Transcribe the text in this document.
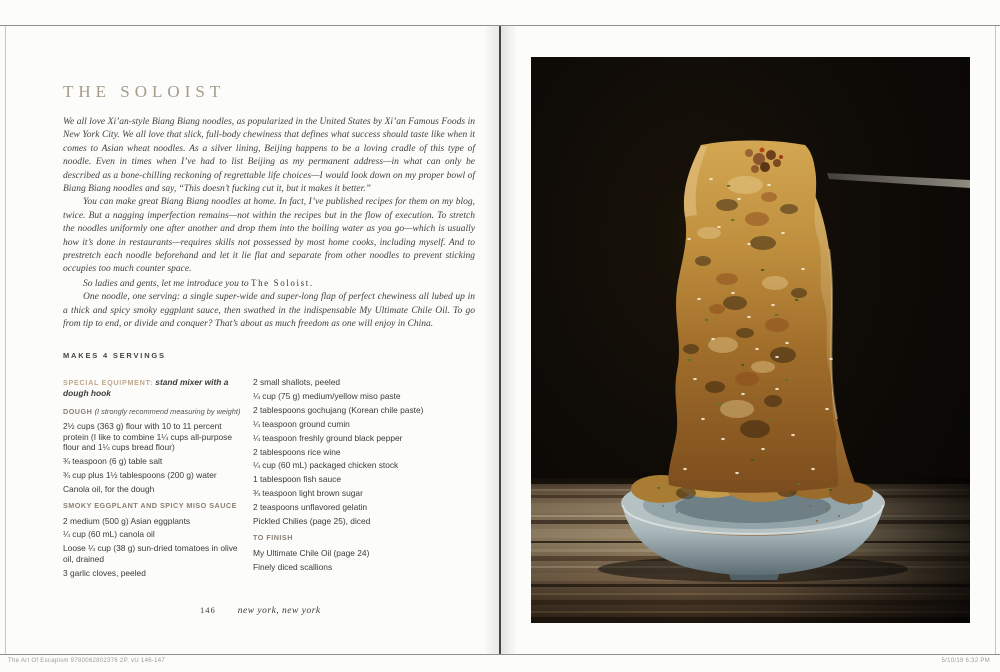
THE SOLOIST

We all love Xi’an-style Biang Biang noodles, as popularized in the United States by Xi’an Famous Foods in New York City. We all love that slick, full-body chewiness that defines what success should taste like when it comes to Asian wheat noodles. As a silver lining, Beijing happens to be a loving cradle of this type of noodle. Even in times when I’ve had to list Beijing as my permanent address—in what can only be described as a bone-chilling reckoning of regrettable life choices—I would look down on my proper bowl of Biang Biang noodles and say, “This doesn’t fucking cut it, but it makes it better.”

You can make great Biang Biang noodles at home. In fact, I’ve published recipes for them on my blog, twice. But a nagging imperfection remains—not within the recipes but in the flow of execution. To stretch the noodles uniformly one after another and drop them into the boiling water as you go—which is usually how it’s done in restaurants—requires skills not possessed by most home cooks, including myself. And to prestretch each noodle beforehand and let it lie flat and separate from other noodles to prevent sticking occupies too much counter space.

So ladies and gents, let me introduce you to The Soloist.

One noodle, one serving: a single super-wide and super-long flap of perfect chewiness all lubed up in a thick and spicy smoky eggplant sauce, then swathed in the indispensable My Ultimate Chile Oil. To go from tip to end, or divide and conquer? That’s about as much freedom as one will enjoy in China.

MAKES 4 SERVINGS

SPECIAL EQUIPMENT: stand mixer with a dough hook

DOUGH (I strongly recommend measuring by weight)

2½ cups (363 g) flour with 10 to 11 percent protein (I like to combine 1¼ cups all-purpose flour and 1¼ cups bread flour)

¾ teaspoon (6 g) table salt

¾ cup plus 1½ tablespoons (200 g) water

Canola oil, for the dough

SMOKY EGGPLANT AND SPICY MISO SAUCE

2 medium (500 g) Asian eggplants

¼ cup (60 mL) canola oil

Loose ¼ cup (38 g) sun-dried tomatoes in olive oil, drained

3 garlic cloves, peeled

2 small shallots, peeled

¼ cup (75 g) medium/yellow miso paste

2 tablespoons gochujang (Korean chile paste)

¼ teaspoon ground cumin

¼ teaspoon freshly ground black pepper

2 tablespoons rice wine

¼ cup (60 mL) packaged chicken stock

1 tablespoon fish sauce

¾ teaspoon light brown sugar

2 teaspoons unflavored gelatin

Pickled Chilies (page 25), diced

TO FINISH

My Ultimate Chile Oil (page 24)

Finely diced scallions

146 new york, new york
The Art Of Escapism 9780062802376 2P. vU 146-147	5/10/19 6:32 PM
